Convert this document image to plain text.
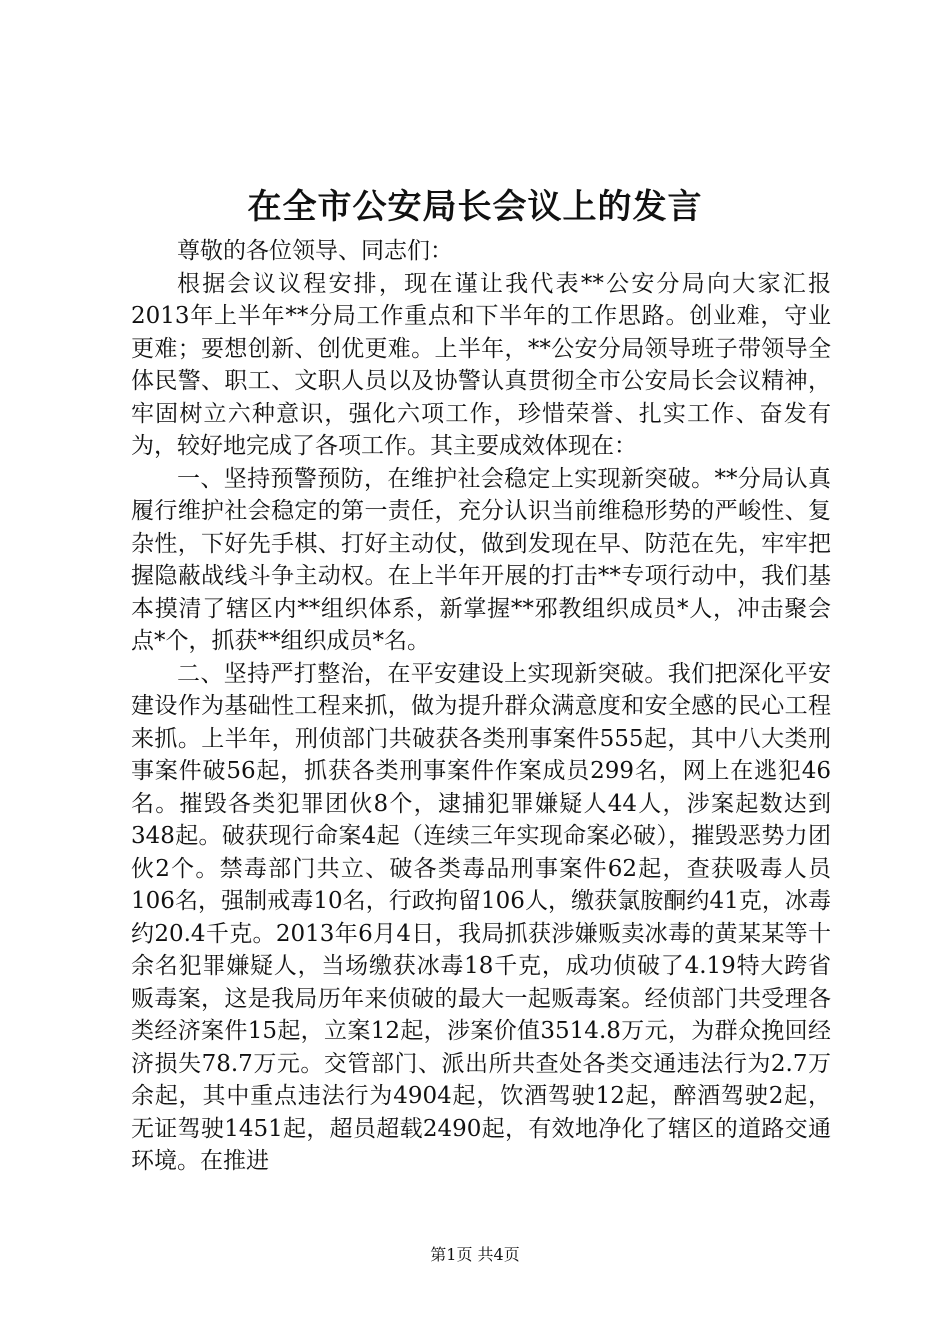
在全市公安局长会议上的发言

尊敬的各位领导、同志们：

根据会议议程安排，现在谨让我代表**公安分局向大家汇报2013年上半年**分局工作重点和下半年的工作思路。创业难，守业更难；要想创新、创优更难。上半年，**公安分局领导班子带领导全体民警、职工、文职人员以及协警认真贯彻全市公安局长会议精神，牢固树立六种意识，强化六项工作，珍惜荣誉、扎实工作、奋发有为，较好地完成了各项工作。其主要成效体现在：

一、坚持预警预防，在维护社会稳定上实现新突破。**分局认真履行维护社会稳定的第一责任，充分认识当前维稳形势的严峻性、复杂性，下好先手棋、打好主动仗，做到发现在早、防范在先，牢牢把握隐蔽战线斗争主动权。在上半年开展的打击**专项行动中，我们基本摸清了辖区内**组织体系，新掌握**邪教组织成员*人，冲击聚会点*个，抓获**组织成员*名。

二、坚持严打整治，在平安建设上实现新突破。我们把深化平安建设作为基础性工程来抓，做为提升群众满意度和安全感的民心工程来抓。上半年，刑侦部门共破获各类刑事案件555起，其中八大类刑事案件破56起，抓获各类刑事案件作案成员299名，网上在逃犯46名。摧毁各类犯罪团伙8个，逮捕犯罪嫌疑人44人，涉案起数达到348起。破获现行命案4起（连续三年实现命案必破），摧毁恶势力团伙2个。禁毒部门共立、破各类毒品刑事案件62起，查获吸毒人员106名，强制戒毒10名，行政拘留106人，缴获氯胺酮约41克，冰毒约20.4千克。2013年6月4日，我局抓获涉嫌贩卖冰毒的黄某某等十余名犯罪嫌疑人，当场缴获冰毒18千克，成功侦破了4.19特大跨省贩毒案，这是我局历年来侦破的最大一起贩毒案。经侦部门共受理各类经济案件15起，立案12起，涉案价值3514.8万元，为群众挽回经济损失78.7万元。交管部门、派出所共查处各类交通违法行为2.7万余起，其中重点违法行为4904起，饮酒驾驶12起，醉酒驾驶2起，无证驾驶1451起，超员超载2490起，有效地净化了辖区的道路交通环境。在推进

第1页 共4页
